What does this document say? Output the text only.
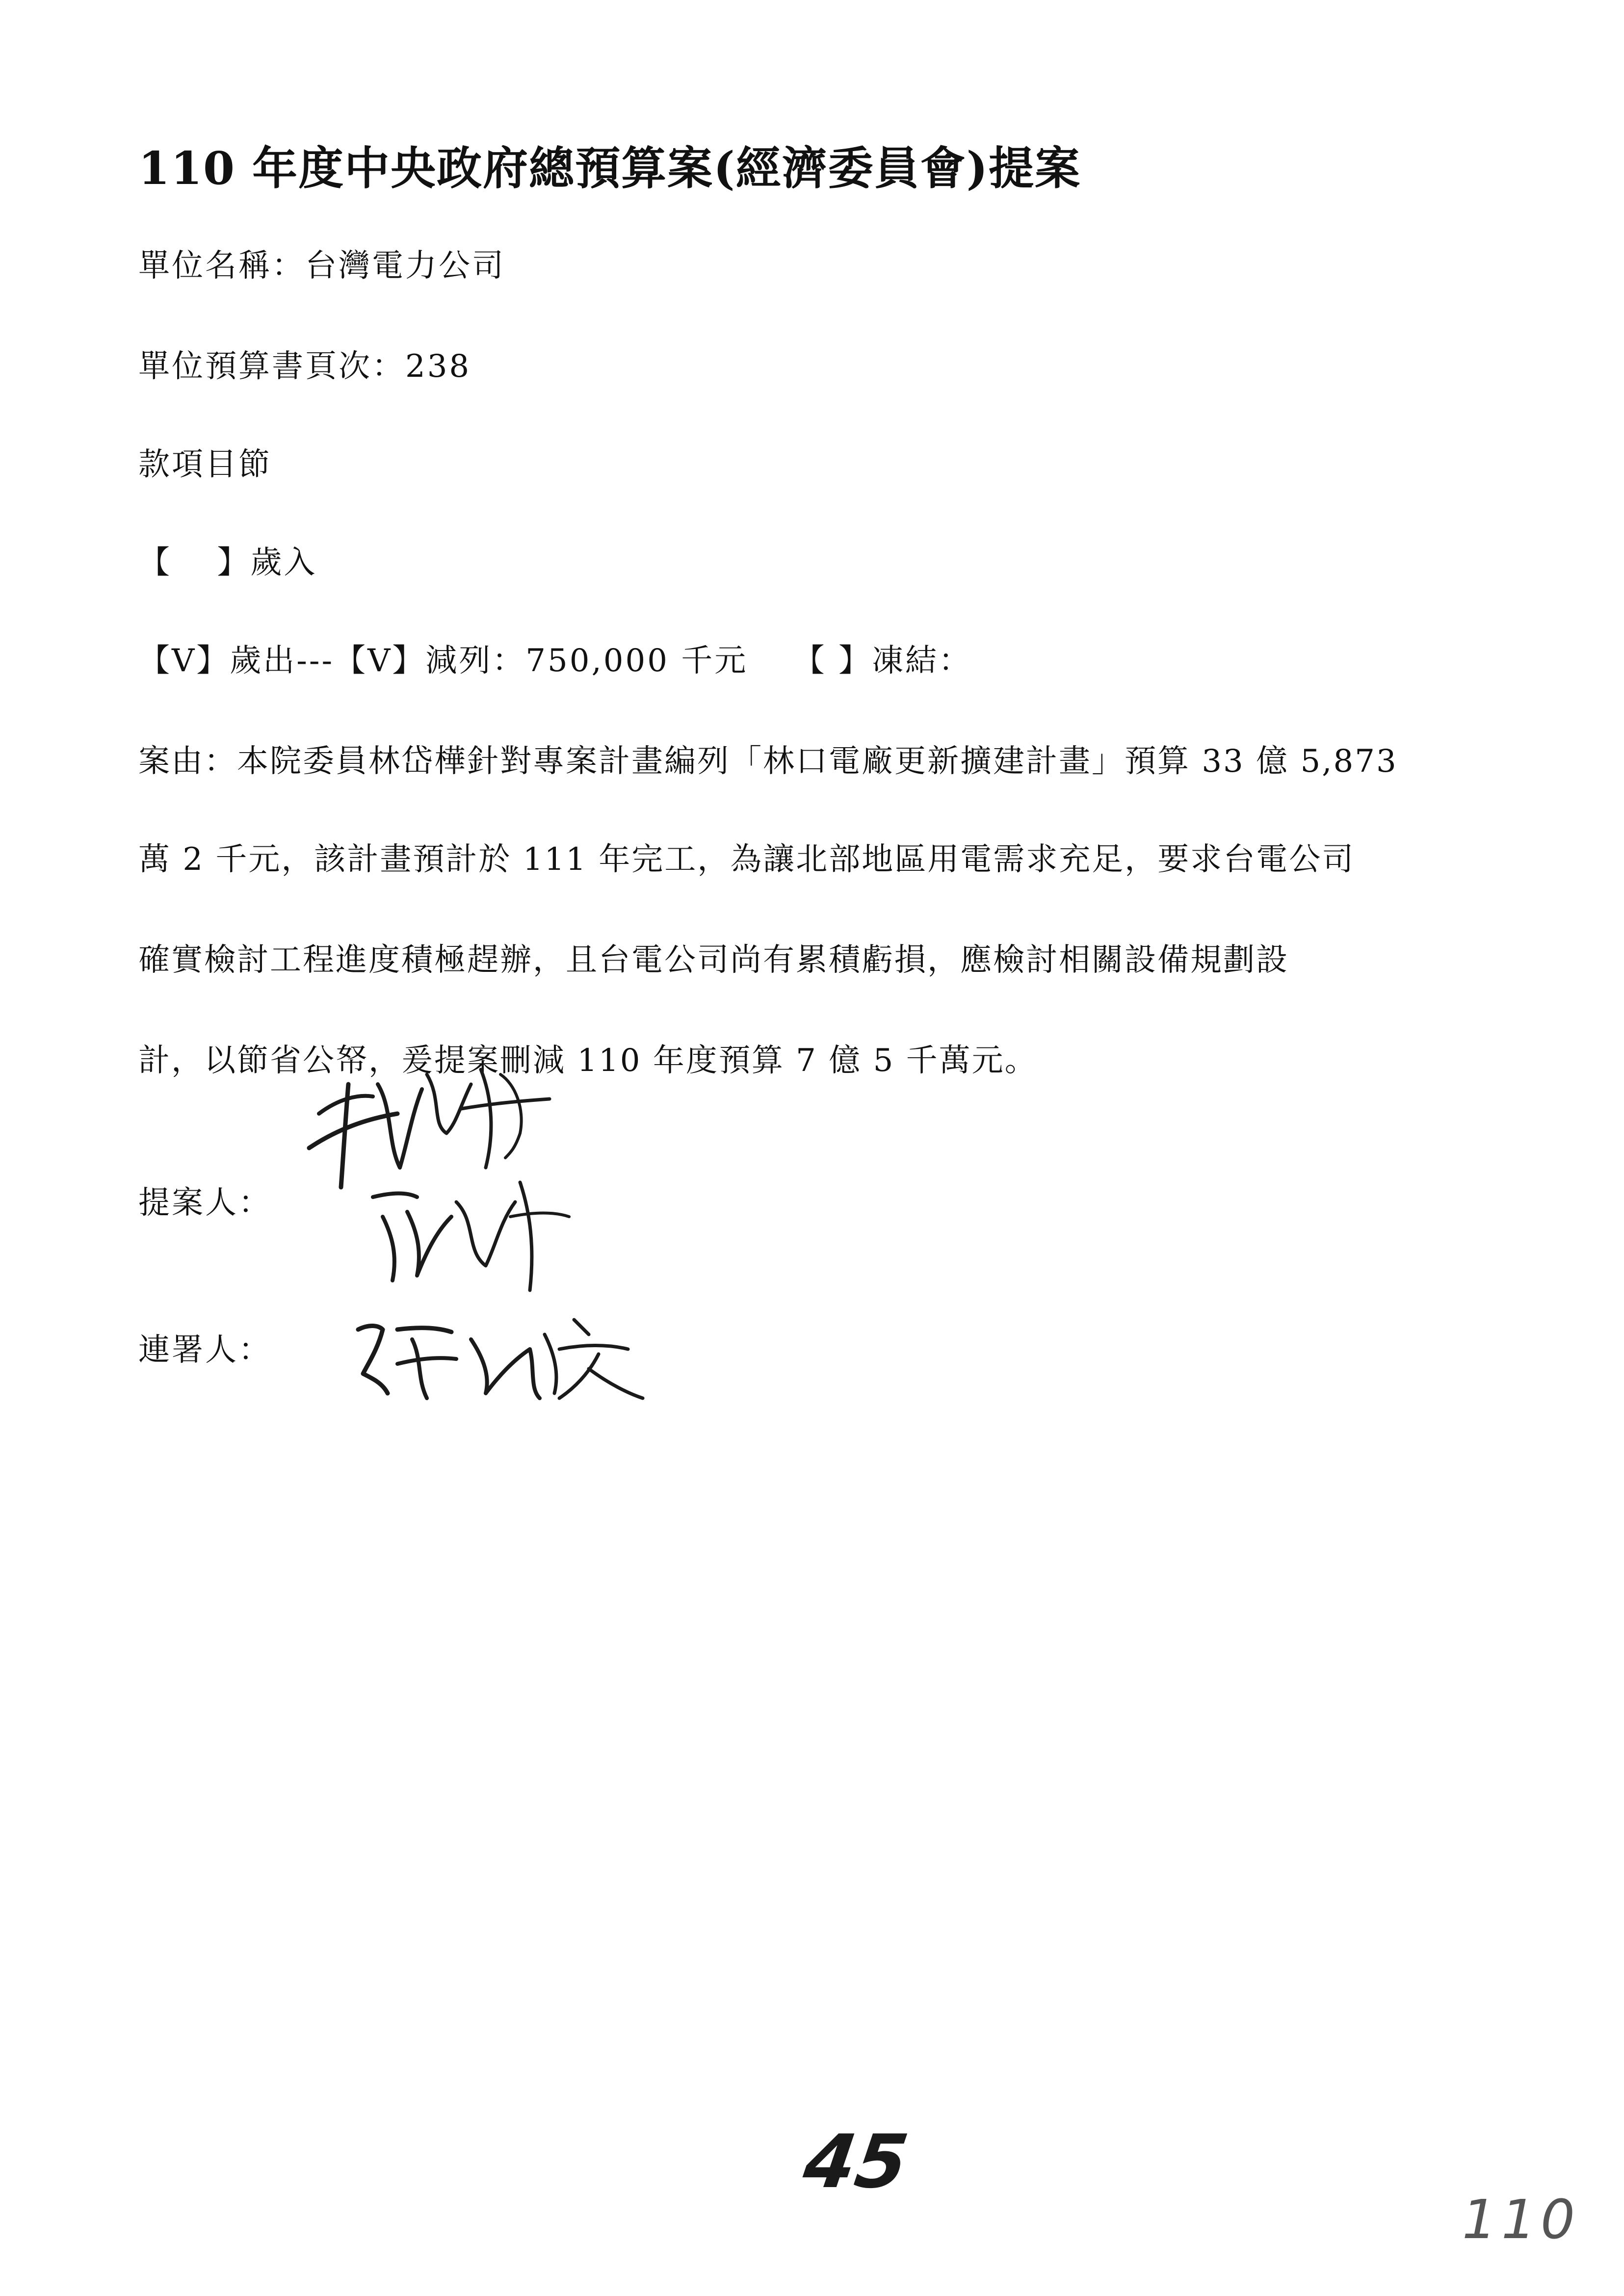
110 年度中央政府總預算案(經濟委員會)提案
單位名稱：台灣電力公司
單位預算書頁次：238
款項目節
【　 】歲入
【V】歲出---【V】減列：750,000 千元　 【 】凍結：
案由：本院委員林岱樺針對專案計畫編列「林口電廠更新擴建計畫」預算 33 億 5,873
萬 2 千元，該計畫預計於 111 年完工，為讓北部地區用電需求充足，要求台電公司
確實檢討工程進度積極趕辦，且台電公司尚有累積虧損，應檢討相關設備規劃設
計，以節省公帑，爰提案刪減 110 年度預算 7 億 5 千萬元。
提案人：
連署人：
45
110
